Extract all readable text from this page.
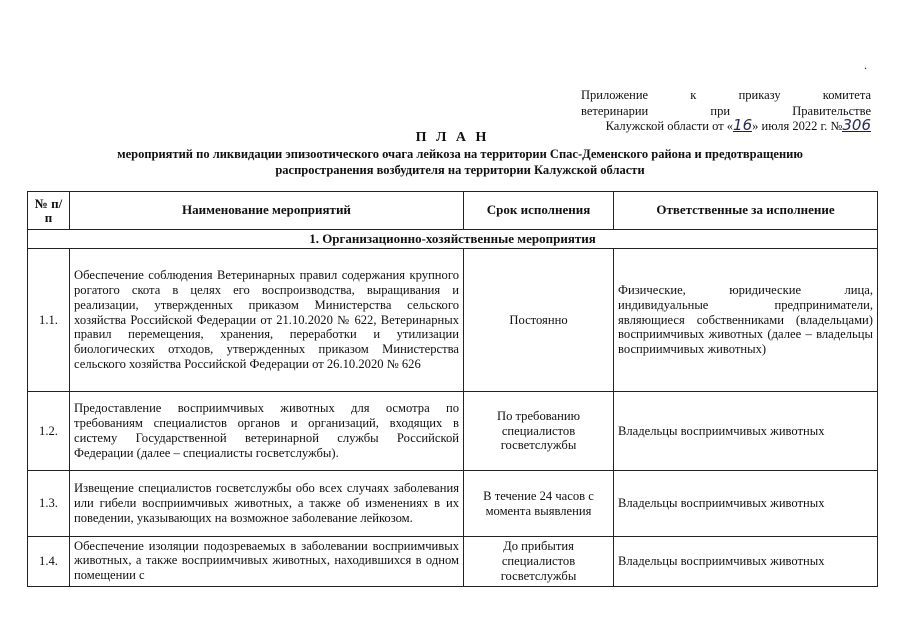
.
Приложение к приказу комитета
ветеринарии при Правительстве
Калужской области от «16» июля 2022 г. №306
П Л А Н
мероприятий по ликвидации эпизоотического очага лейкоза на территории Спас-Деменского района и предотвращению распространения возбудителя на территории Калужской области
№ п/п	Наименование мероприятий	Срок исполнения	Ответственные за исполнение
1. Организационно-хозяйственные мероприятия			
1.1.	Обеспечение соблюдения Ветеринарных правил содержания крупного рогатого скота в целях его воспроизводства, выращивания и реализации, утвержденных приказом Министерства сельского хозяйства Российской Федерации от 21.10.2020 № 622, Ветеринарных правил перемещения, хранения, переработки и утилизации биологических отходов, утвержденных приказом Министерства сельского хозяйства Российской Федерации от 26.10.2020 № 626	Постоянно	Физические, юридические лица, индивидуальные предприниматели, являющиеся собственниками (владельцами) восприимчивых животных (далее – владельцы восприимчивых животных)
1.2.	Предоставление восприимчивых животных для осмотра по требованиям специалистов органов и организаций, входящих в систему Государственной ветеринарной службы Российской Федерации (далее – специалисты госветслужбы).	По требованию специалистов госветслужбы	Владельцы восприимчивых животных
1.3.	Извещение специалистов госветслужбы обо всех случаях заболевания или гибели восприимчивых животных, а также об изменениях в их поведении, указывающих на возможное заболевание лейкозом.	В течение 24 часов с момента выявления	Владельцы восприимчивых животных
1.4.	Обеспечение изоляции подозреваемых в заболевании восприимчивых животных, а также восприимчивых животных, находившихся в одном помещении с	До прибытия специалистов госветслужбы	Владельцы восприимчивых животных
